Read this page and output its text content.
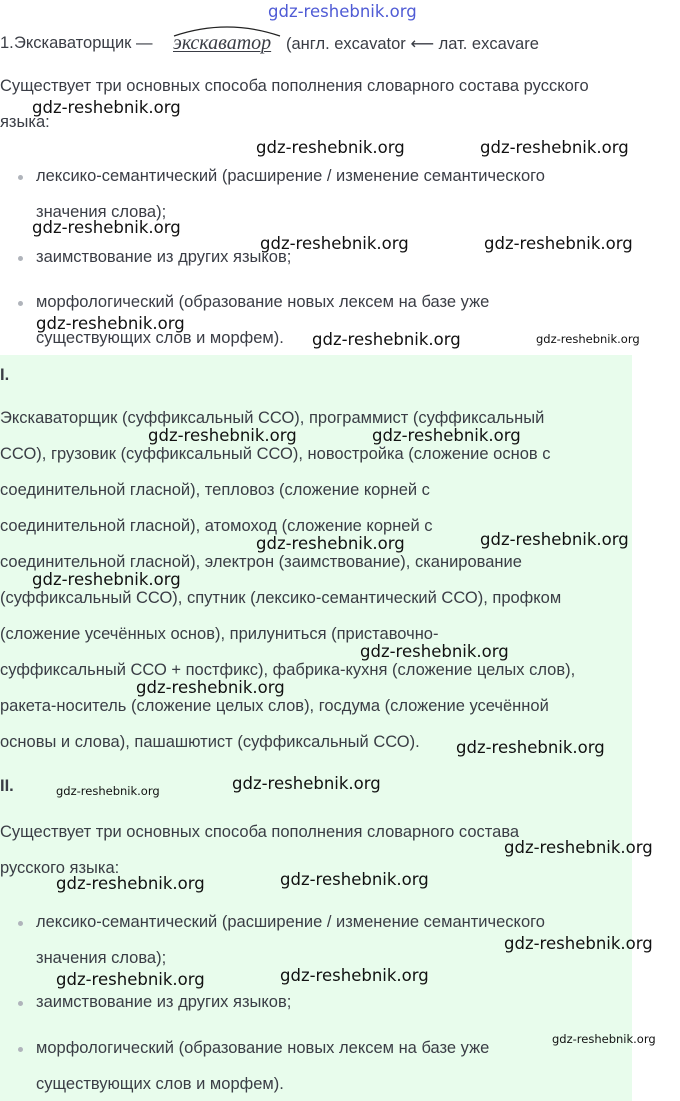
1. Экскаваторщик — экскаватор (англ. excavator ⟵ лат. excavare
Существует три основных способа пополнения словарного состава русского
языка:
лексико-семантический (расширение / изменение семантического
значения слова);
заимствование из других языков;
морфологический (образование новых лексем на базе уже
существующих слов и морфем).
I.
Экскаваторщик (суффиксальный ССО), программист (суффиксальный
ССО), грузовик (суффиксальный ССО), новостройка (сложение основ с
соединительной гласной), тепловоз (сложение корней с
соединительной гласной), атомоход (сложение корней с
соединительной гласной), электрон (заимствование), сканирование
(суффиксальный ССО), спутник (лексико-семантический ССО), профком
(сложение усечённых основ), прилуниться (приставочно-
суффиксальный ССО + постфикс), фабрика-кухня (сложение целых слов),
ракета-носитель (сложение целых слов), госдума (сложение усечённой
основы и слова), пашашютист (суффиксальный ССО).
II.
Существует три основных способа пополнения словарного состава
русского языка:
лексико-семантический (расширение / изменение семантического
значения слова);
заимствование из других языков;
морфологический (образование новых лексем на базе уже
существующих слов и морфем).
gdz-reshebnik.org
gdz-reshebnik.org
gdz-reshebnik.org	gdz-reshebnik.org
gdz-reshebnik.org
gdz-reshebnik.org	gdz-reshebnik.org
gdz-reshebnik.org
gdz-reshebnik.org	gdz-reshebnik.org
gdz-reshebnik.org	gdz-reshebnik.org
gdz-reshebnik.org
gdz-reshebnik.org
gdz-reshebnik.org
gdz-reshebnik.org
gdz-reshebnik.org
gdz-reshebnik.org
gdz-reshebnik.org
gdz-reshebnik.org
gdz-reshebnik.org
gdz-reshebnik.org	gdz-reshebnik.org
gdz-reshebnik.org
gdz-reshebnik.org	gdz-reshebnik.org
gdz-reshebnik.org
